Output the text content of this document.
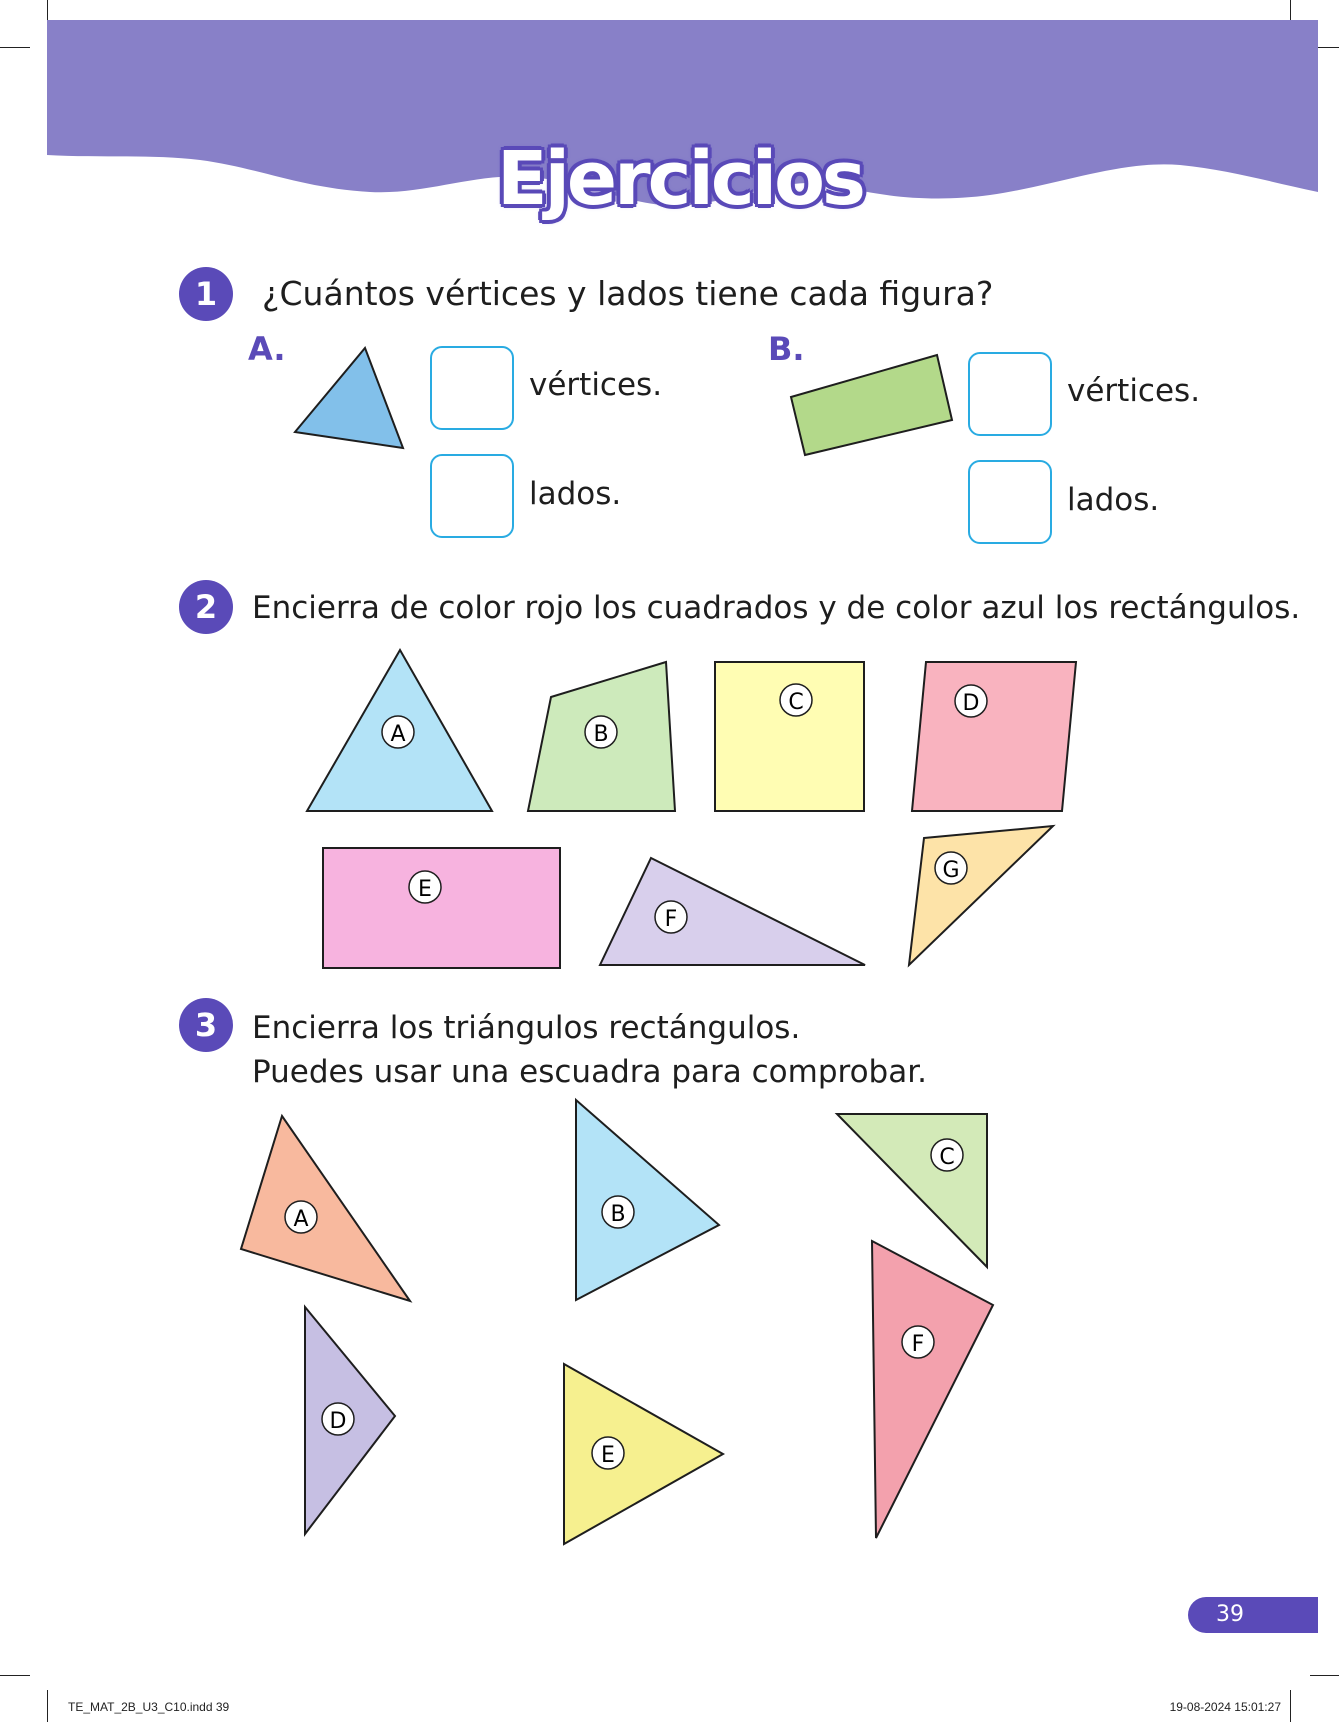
Ejercicios
1	¿Cuántos vértices y lados tiene cada figura?
A.
vértices.
lados.
B.
vértices.
lados.
2	Encierra de color rojo los cuadrados y de color azul los rectángulos.
A	B
C	D
E
F
G
3	Encierra los triángulos rectángulos.
Puedes usar una escuadra para comprobar.
A	B
C
D
E
F
39
TE_MAT_2B_U3_C10.indd 39	19-08-2024 15:01:27
